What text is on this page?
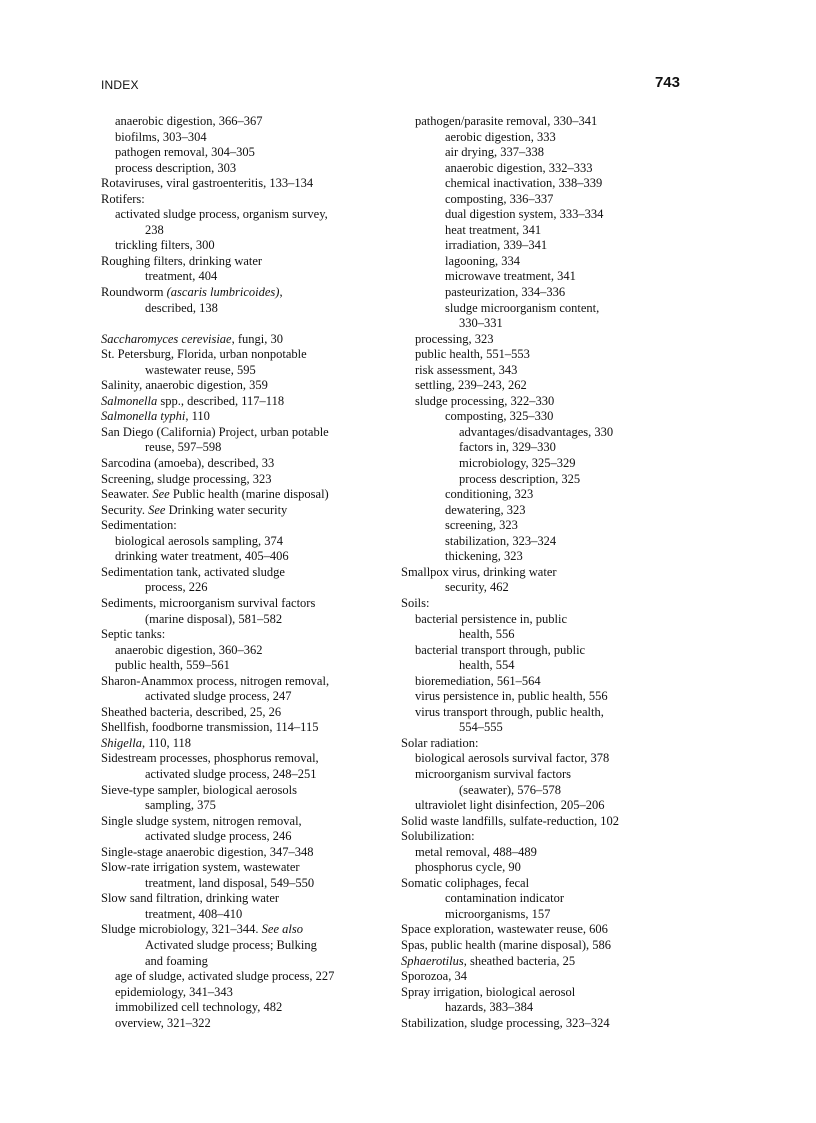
INDEX	743
anaerobic digestion, 366–367
biofilms, 303–304
pathogen removal, 304–305
process description, 303
Rotaviruses, viral gastroenteritis, 133–134
Rotifers:
activated sludge process, organism survey,
238
trickling filters, 300
Roughing filters, drinking water
treatment, 404
Roundworm (ascaris lumbricoides),
described, 138
Saccharomyces cerevisiae, fungi, 30
St. Petersburg, Florida, urban nonpotable
wastewater reuse, 595
Salinity, anaerobic digestion, 359
Salmonella spp., described, 117–118
Salmonella typhi, 110
San Diego (California) Project, urban potable
reuse, 597–598
Sarcodina (amoeba), described, 33
Screening, sludge processing, 323
Seawater. See Public health (marine disposal)
Security. See Drinking water security
Sedimentation:
biological aerosols sampling, 374
drinking water treatment, 405–406
Sedimentation tank, activated sludge
process, 226
Sediments, microorganism survival factors
(marine disposal), 581–582
Septic tanks:
anaerobic digestion, 360–362
public health, 559–561
Sharon-Anammox process, nitrogen removal,
activated sludge process, 247
Sheathed bacteria, described, 25, 26
Shellfish, foodborne transmission, 114–115
Shigella, 110, 118
Sidestream processes, phosphorus removal,
activated sludge process, 248–251
Sieve-type sampler, biological aerosols
sampling, 375
Single sludge system, nitrogen removal,
activated sludge process, 246
Single-stage anaerobic digestion, 347–348
Slow-rate irrigation system, wastewater
treatment, land disposal, 549–550
Slow sand filtration, drinking water
treatment, 408–410
Sludge microbiology, 321–344. See also
Activated sludge process; Bulking
and foaming
age of sludge, activated sludge process, 227
epidemiology, 341–343
immobilized cell technology, 482
overview, 321–322
pathogen/parasite removal, 330–341
aerobic digestion, 333
air drying, 337–338
anaerobic digestion, 332–333
chemical inactivation, 338–339
composting, 336–337
dual digestion system, 333–334
heat treatment, 341
irradiation, 339–341
lagooning, 334
microwave treatment, 341
pasteurization, 334–336
sludge microorganism content,
330–331
processing, 323
public health, 551–553
risk assessment, 343
settling, 239–243, 262
sludge processing, 322–330
composting, 325–330
advantages/disadvantages, 330
factors in, 329–330
microbiology, 325–329
process description, 325
conditioning, 323
dewatering, 323
screening, 323
stabilization, 323–324
thickening, 323
Smallpox virus, drinking water
security, 462
Soils:
bacterial persistence in, public
health, 556
bacterial transport through, public
health, 554
bioremediation, 561–564
virus persistence in, public health, 556
virus transport through, public health,
554–555
Solar radiation:
biological aerosols survival factor, 378
microorganism survival factors
(seawater), 576–578
ultraviolet light disinfection, 205–206
Solid waste landfills, sulfate-reduction, 102
Solubilization:
metal removal, 488–489
phosphorus cycle, 90
Somatic coliphages, fecal
contamination indicator
microorganisms, 157
Space exploration, wastewater reuse, 606
Spas, public health (marine disposal), 586
Sphaerotilus, sheathed bacteria, 25
Sporozoa, 34
Spray irrigation, biological aerosol
hazards, 383–384
Stabilization, sludge processing, 323–324
